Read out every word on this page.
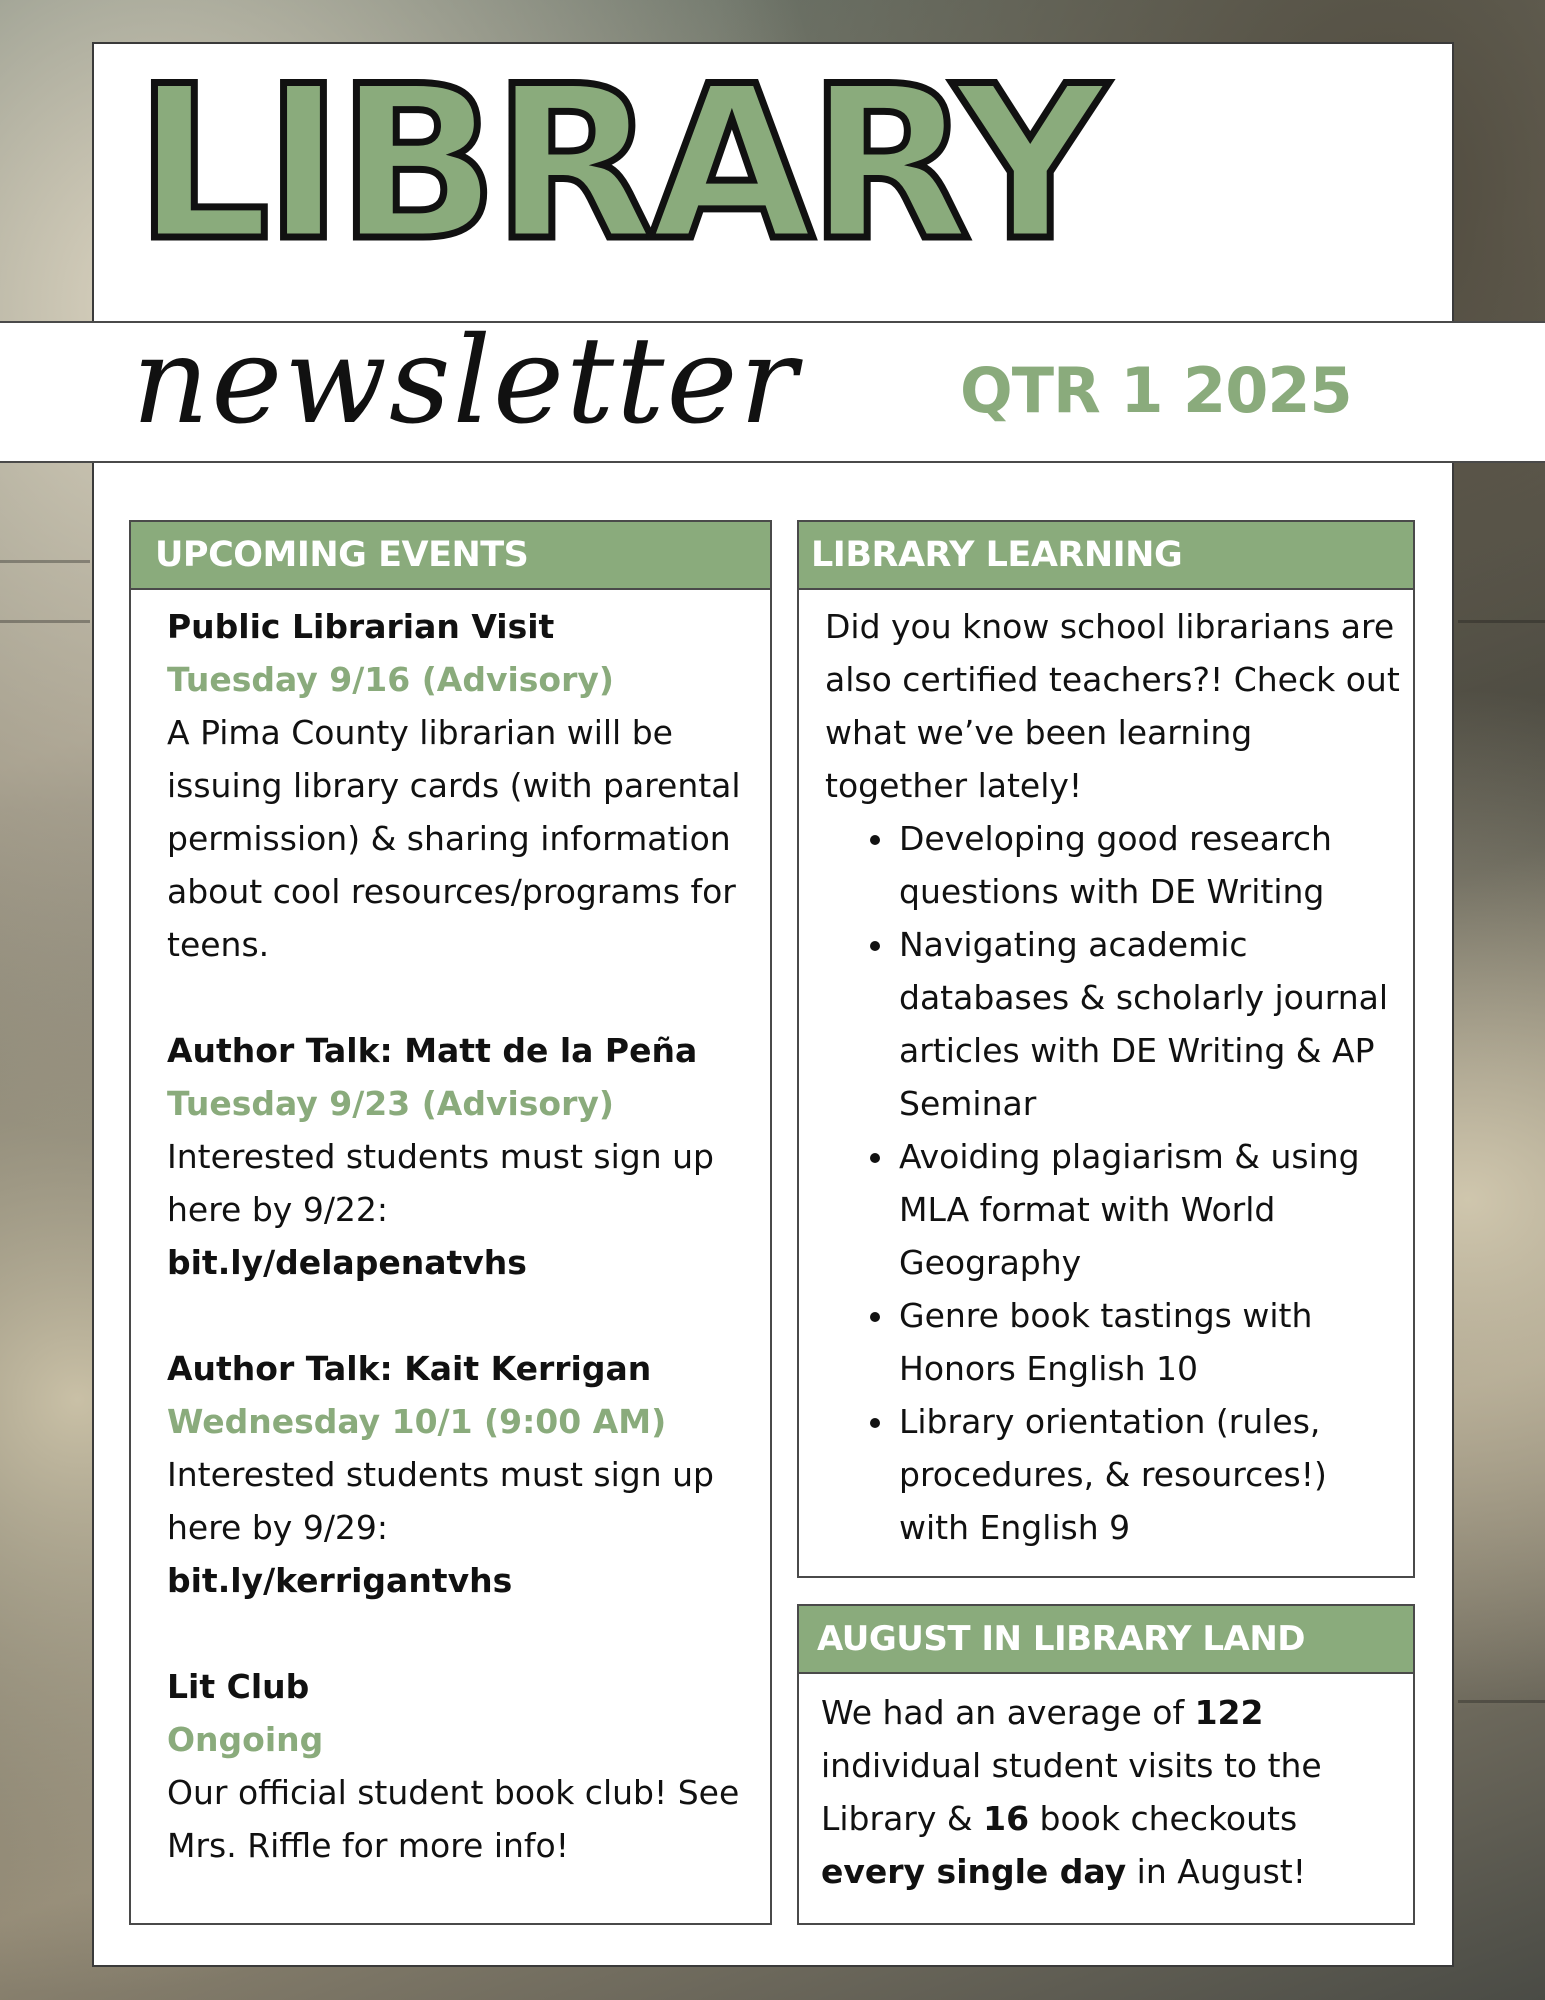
LIBRARY
newsletter	QTR 1 2025
UPCOMING EVENTS
Public Librarian Visit
Tuesday 9/16 (Advisory)
A Pima County librarian will be issuing library cards (with parental permission) & sharing information about cool resources/programs for teens.
Author Talk: Matt de la Peña
Tuesday 9/23 (Advisory)
Interested students must sign up here by 9/22:
bit.ly/delapenatvhs
Author Talk: Kait Kerrigan
Wednesday 10/1 (9:00 AM)
Interested students must sign up here by 9/29:
bit.ly/kerrigantvhs
Lit Club
Ongoing
Our official student book club! See Mrs. Riffle for more info!
LIBRARY LEARNING
Did you know school librarians are also certified teachers?! Check out what we’ve been learning together lately!
• Developing good research questions with DE Writing
• Navigating academic databases & scholarly journal articles with DE Writing & AP Seminar
• Avoiding plagiarism & using MLA format with World Geography
• Genre book tastings with Honors English 10
• Library orientation (rules, procedures, & resources!) with English 9
AUGUST IN LIBRARY LAND
We had an average of 122 individual student visits to the Library & 16 book checkouts every single day in August!
